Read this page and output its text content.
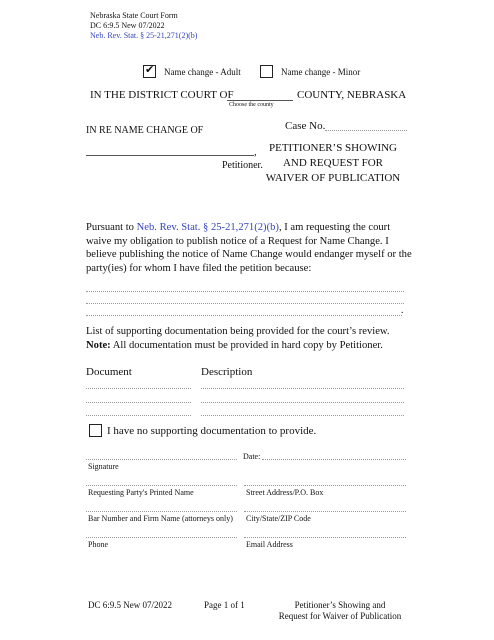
Nebraska State Court Form
DC 6:9.5 New 07/2022
Neb. Rev. Stat. § 25-21,271(2)(b)
✔ Name change - Adult	Name change - Minor
IN THE DISTRICT COURT OF	COUNTY, NEBRASKA
Choose the county
IN RE NAME CHANGE OF	Case No.
,
Petitioner.
PETITIONER’S SHOWING
AND REQUEST FOR
WAIVER OF PUBLICATION
Pursuant to Neb. Rev. Stat. § 25-21,271(2)(b), I am requesting the court waive my obligation to publish notice of a Request for Name Change. I believe publishing the notice of Name Change would endanger myself or the party(ies) for whom I have filed the petition because:
.
List of supporting documentation being provided for the court’s review.
Note: All documentation must be provided in hard copy by Petitioner.
Document	Description
I have no supporting documentation to provide.
Date:
Signature
Requesting Party's Printed Name	Street Address/P.O. Box
Bar Number and Firm Name (attorneys only) City/State/ZIP Code
Phone	Email Address
DC 6:9.5 New 07/2022	Page 1 of 1	Petitioner’s Showing and
Request for Waiver of Publication
